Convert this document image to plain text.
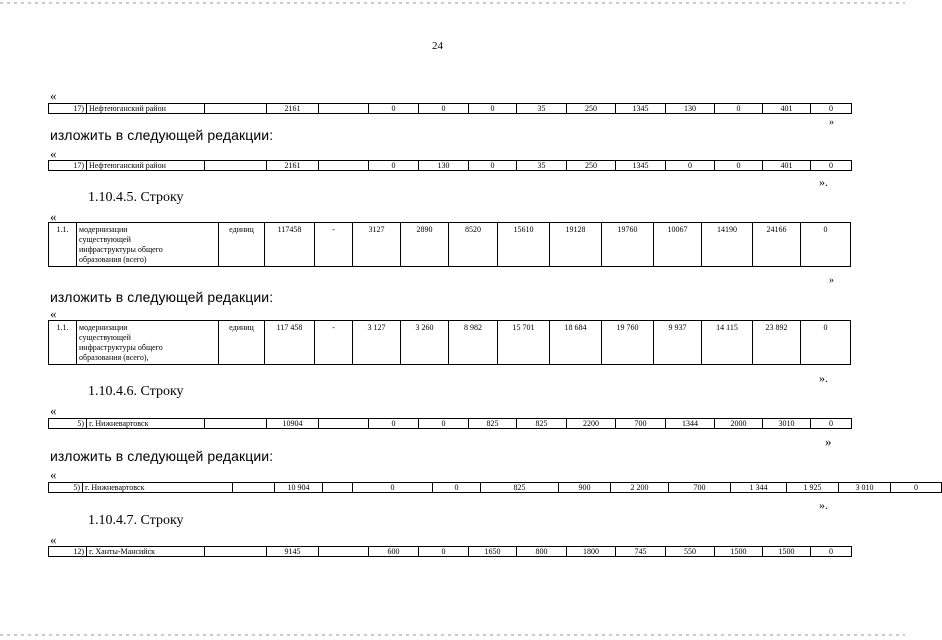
24
«
17)	Нефтеюганский район		2161		0	0	0	35	250	1345	130	0	401	0
»
изложить в следующей редакции:
«
17)	Нефтеюганский район		2161		0	130	0	35	250	1345	0	0	401	0
».
1.10.4.5. Строку
«
1.1.	модернизации
существующей
инфраструктуры общего
образования (всего)
	единиц	117458	-	3127	2890	8520	15610	19128	19760	10067	14190	24166	0
»
изложить в следующей редакции:
«
1.1.	модернизации
существующей
инфраструктуры общего
образования (всего),
	единиц	117 458	-	3 127	3 260	8 982	15 701	18 684	19 760	9 937	14 115	23 892	0
».
1.10.4.6. Строку
«
5)	г. Нижневартовск		10904		0	0	825	825	2200	700	1344	2000	3010	0
»
изложить в следующей редакции:
«
5)	г. Нижневартовск		10 904		0	0	825	900	2 200	700	1 344	1 925	3 010	0
».
1.10.4.7. Строку
«
12)	г. Ханты-Мансийск		9145		600	0	1650	800	1800	745	550	1500	1500	0
